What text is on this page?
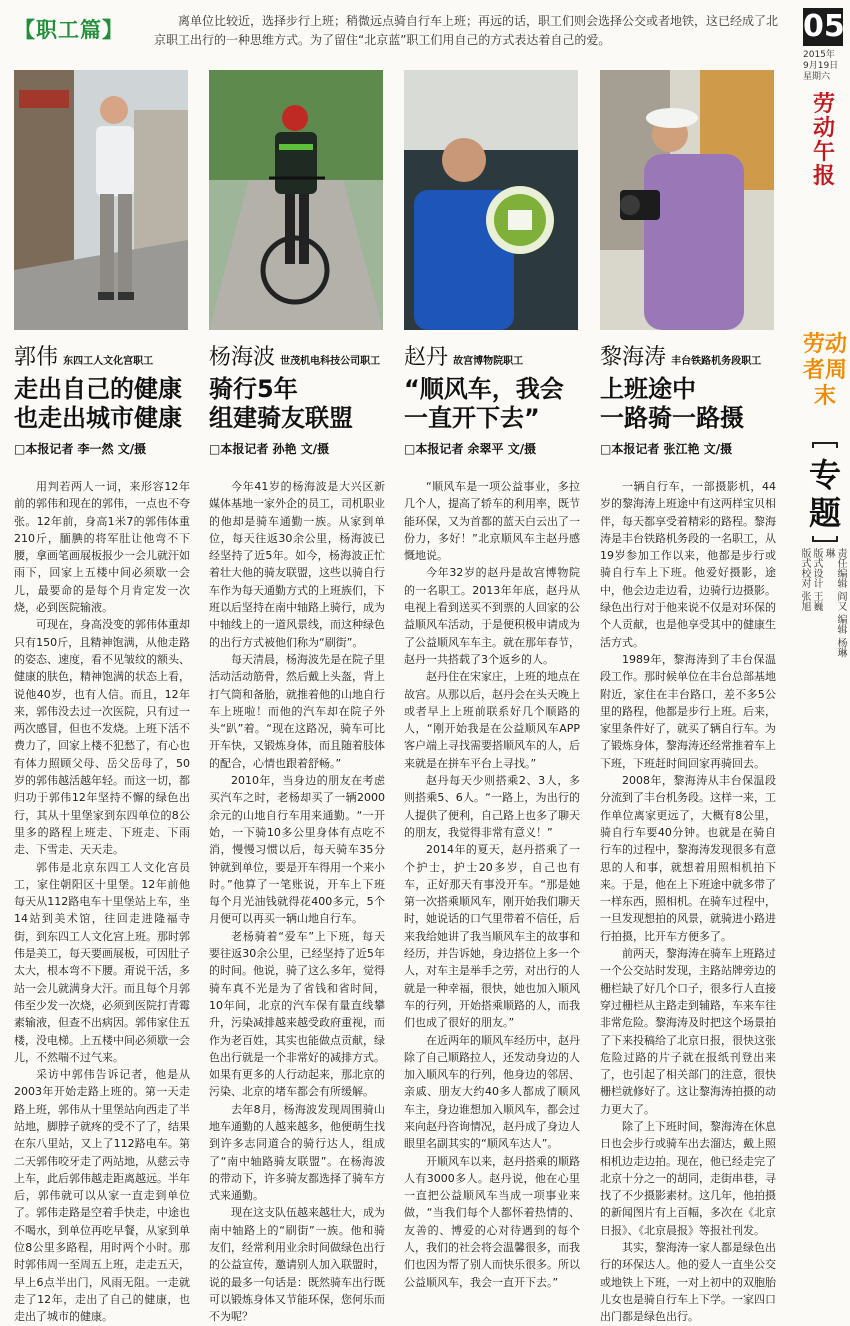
【职工篇】	离单位比较近，选择步行上班；稍微远点骑自行车上班；再远的话，职工们则会选择公交或者地铁，这已经成了北京职工出行的一种思维方式。为了留住“北京蓝”职工们用自己的方式表达着自己的爱。	05
2015年
9月19日
星期六
劳动午报
劳动者周末
专题
责任编辑 阎又 编辑 杨琳琳
版式设计 王巍
版式校对 张旭
郭伟 东四工人文化宫职工
走出自己的健康
也走出城市健康
□本报记者 李一然 文/摄

用判若两人一词，来形容12年前的郭伟和现在的郭伟，一点也不夸张。12年前，身高1米7的郭伟体重210斤，腼腆的将军肚让他弯不下腰，拿画笔画展板报少一会儿就汗如雨下，回家上五楼中间必须歇一会儿，最要命的是每个月肯定发一次烧，必到医院输液。

可现在，身高没变的郭伟体重却只有150斤，且精神饱满，从他走路的姿态、速度，看不见皱纹的额头、健康的肤色，精神饱满的状态上看，说他40岁，也有人信。而且，12年来，郭伟没去过一次医院，只有过一两次感冒，但也不发烧。上班下活不费力了，回家上楼不犯愁了，有心也有体力照顾父母、岳父岳母了，50岁的郭伟越活越年轻。而这一切，都归功于郭伟12年坚持不懈的绿色出行，其从十里堡家到东四单位的8公里多的路程上班走、下班走、下雨走、下雪走、天天走。

郭伟是北京东四工人文化宫员工，家住朝阳区十里堡。12年前他每天从112路电车十里堡站上车，坐14站到美术馆，往回走进隆福寺街，到东四工人文化宫上班。那时郭伟是美工，每天要画展板，可因肚子太大，根本弯不下腰。甭说干活，多站一会儿就满身大汗。而且每个月郭伟至少发一次烧，必须到医院打青霉素输液，但查不出病因。郭伟家住五楼，没电梯。上五楼中间必须歇一会儿，不然喘不过气来。

采访中郭伟告诉记者，他是从2003年开始走路上班的。第一天走路上班，郭伟从十里堡站向西走了半站地，脚脖子就疼的受不了了，结果在东八里站，又上了112路电车。第二天郭伟咬牙走了两站地，从慈云寺上车，此后郭伟越走距离越远。半年后，郭伟就可以从家一直走到单位了。郭伟走路是空着手快走，中途也不喝水，到单位再吃早餐，从家到单位8公里多路程，用时两个小时。那时郭伟周一至周五上班，走走五天，早上6点半出门，风雨无阻。一走就走了12年，走出了自己的健康，也走出了城市的健康。

杨海波 世茂机电科技公司职工
骑行5年
组建骑友联盟
□本报记者 孙艳 文/摄

今年41岁的杨海波是大兴区新媒体基地一家外企的员工，司机职业的他却是骑车通勤一族。从家到单位，每天往返30余公里，杨海波已经坚持了近5年。如今，杨海波正忙着壮大他的骑友联盟，这些以骑自行车作为每天通勤方式的上班族们，下班以后坚持在南中轴路上骑行，成为中轴线上的一道风景线，而这种绿色的出行方式被他们称为“刷街”。

每天清晨，杨海波先是在院子里活动活动筋骨，然后戴上头盔，背上打气筒和备胎，就推着他的山地自行车上班啦！而他的汽车却在院子外头“趴”着。“现在这路况，骑车可比开车快，又锻炼身体，而且随着肢体的配合，心情也跟着舒畅。”

2010年，当身边的朋友在考虑买汽车之时，老杨却买了一辆2000余元的山地自行车用来通勤。“一开始，一下骑10多公里身体有点吃不消，慢慢习惯以后，每天骑车35分钟就到单位，要是开车得用一个来小时。”他算了一笔账说，开车上下班每个月光油钱就得花400多元，5个月便可以再买一辆山地自行车。

老杨骑着“爱车”上下班，每天要往返30余公里，已经坚持了近5年的时间。他说，骑了这么多年，觉得骑车真不光是为了省钱和省时间，10年间，北京的汽车保有量直线攀升，污染减排越来越受政府重视，而作为老百姓，其实也能做点贡献，绿色出行就是一个非常好的减排方式。如果有更多的人行动起来，那北京的污染、北京的堵车都会有所缓解。

去年8月，杨海波发现周围骑山地车通勤的人越来越多，他便萌生找到许多志同道合的骑行达人，组成了“南中轴路骑友联盟”。在杨海波的带动下，许多骑友都选择了骑车方式来通勤。

现在这支队伍越来越壮大，成为南中轴路上的“刷街”一族。他和骑友们，经常利用业余时间做绿色出行的公益宣传，邀请别人加入联盟时，说的最多一句话是：既然骑车出行既可以锻炼身体又节能环保，您何乐而不为呢？

赵丹 故宫博物院职工
“顺风车，我会
一直开下去”
□本报记者 余翠平 文/摄

“顺风车是一项公益事业，多拉几个人，提高了轿车的利用率，既节能环保，又为首都的蓝天白云出了一份力，多好！”北京顺风车主赵丹感慨地说。

今年32岁的赵丹是故宫博物院的一名职工。2013年年底，赵丹从电视上看到送买不到票的人回家的公益顺风车活动，于是便积极申请成为了公益顺风车车主。就在那年春节，赵丹一共搭载了3个返乡的人。

赵丹住在宋家庄，上班的地点在故宫。从那以后，赵丹会在头天晚上或者早上上班前联系好几个顺路的人，“刚开始我是在公益顺风车APP客户端上寻找需要搭顺风车的人，后来就是在拼车平台上寻找。”

赵丹每天少则搭乘2、3人，多则搭乘5、6人。“一路上，为出行的人提供了便利，自己路上也多了聊天的朋友，我觉得非常有意义！”

2014年的夏天，赵丹搭乘了一个护士，护士20多岁，自己也有车，正好那天有事没开车。“那是她第一次搭乘顺风车，刚开始我们聊天时，她说话的口气里带着不信任，后来我给她讲了我当顺风车主的故事和经历，并告诉她，身边搭位上多一个人，对车主是举手之劳，对出行的人就是一种幸福，很快，她也加入顺风车的行列，开始搭乘顺路的人，而我们也成了很好的朋友。”

在近两年的顺风车经历中，赵丹除了自己顺路拉人，还发动身边的人加入顺风车的行列，他身边的邻居、亲戚、朋友大约40多人都成了顺风车主，身边谁想加入顺风车，都会过来向赵丹咨询情况，赵丹成了身边人眼里名副其实的“顺风车达人”。

开顺风车以来，赵丹搭乘的顺路人有3000多人。赵丹说，他在心里一直把公益顺风车当成一项事业来做，“当我们每个人都怀着热情的、友善的、博爱的心对待遇到的每个人，我们的社会将会温馨很多，而我们也因为帮了别人而快乐很多。所以公益顺风车，我会一直开下去。”

黎海涛 丰台铁路机务段职工
上班途中
一路骑一路摄
□本报记者 张江艳 文/摄

一辆自行车，一部摄影机，44岁的黎海涛上班途中有这两样宝贝相伴，每天都享受着精彩的路程。黎海涛是丰台铁路机务段的一名职工，从19岁参加工作以来，他都是步行或骑自行车上下班。他爱好摄影，途中，他会边走边看，边骑行边摄影。绿色出行对于他来说不仅是对环保的个人贡献，也是他享受其中的健康生活方式。

1989年，黎海涛到了丰台保温段工作。那时候单位在丰台总部基地附近，家住在丰台路口，差不多5公里的路程，他都是步行上班。后来，家里条件好了，就买了辆自行车。为了锻炼身体，黎海涛还经常推着车上下班，下班赶时间回家再骑回去。

2008年，黎海涛从丰台保温段分流到了丰台机务段。这样一来，工作单位离家更远了，大概有8公里，骑自行车要40分钟。也就是在骑自行车的过程中，黎海涛发现很多有意思的人和事，就想着用照相机拍下来。于是，他在上下班途中就多带了一样东西，照相机。在骑车过程中，一旦发现想拍的风景，就骑进小路进行拍摄，比开车方便多了。

前两天，黎海涛在骑车上班路过一个公交站时发现，主路站牌旁边的栅栏缺了好几个口子，很多行人直接穿过栅栏从主路走到辅路，车来车往非常危险。黎海涛及时把这个场景拍了下来投稿给了北京日报，很快这张危险过路的片子就在报纸刊登出来了，也引起了相关部门的注意，很快栅栏就修好了。这让黎海涛拍摄的动力更大了。

除了上下班时间，黎海涛在休息日也会步行或骑车出去溜达，戴上照相机边走边拍。现在，他已经走完了北京十分之一的胡同，走街串巷，寻找了不少摄影素材。这几年，他拍摄的新闻图片有上百幅，多次在《北京日报》、《北京晨报》等报社刊发。

其实，黎海涛一家人都是绿色出行的环保达人。他的爱人一直坐公交或地铁上下班，一对上初中的双胞胎儿女也是骑自行车上下学。一家四口出门都是绿色出行。
